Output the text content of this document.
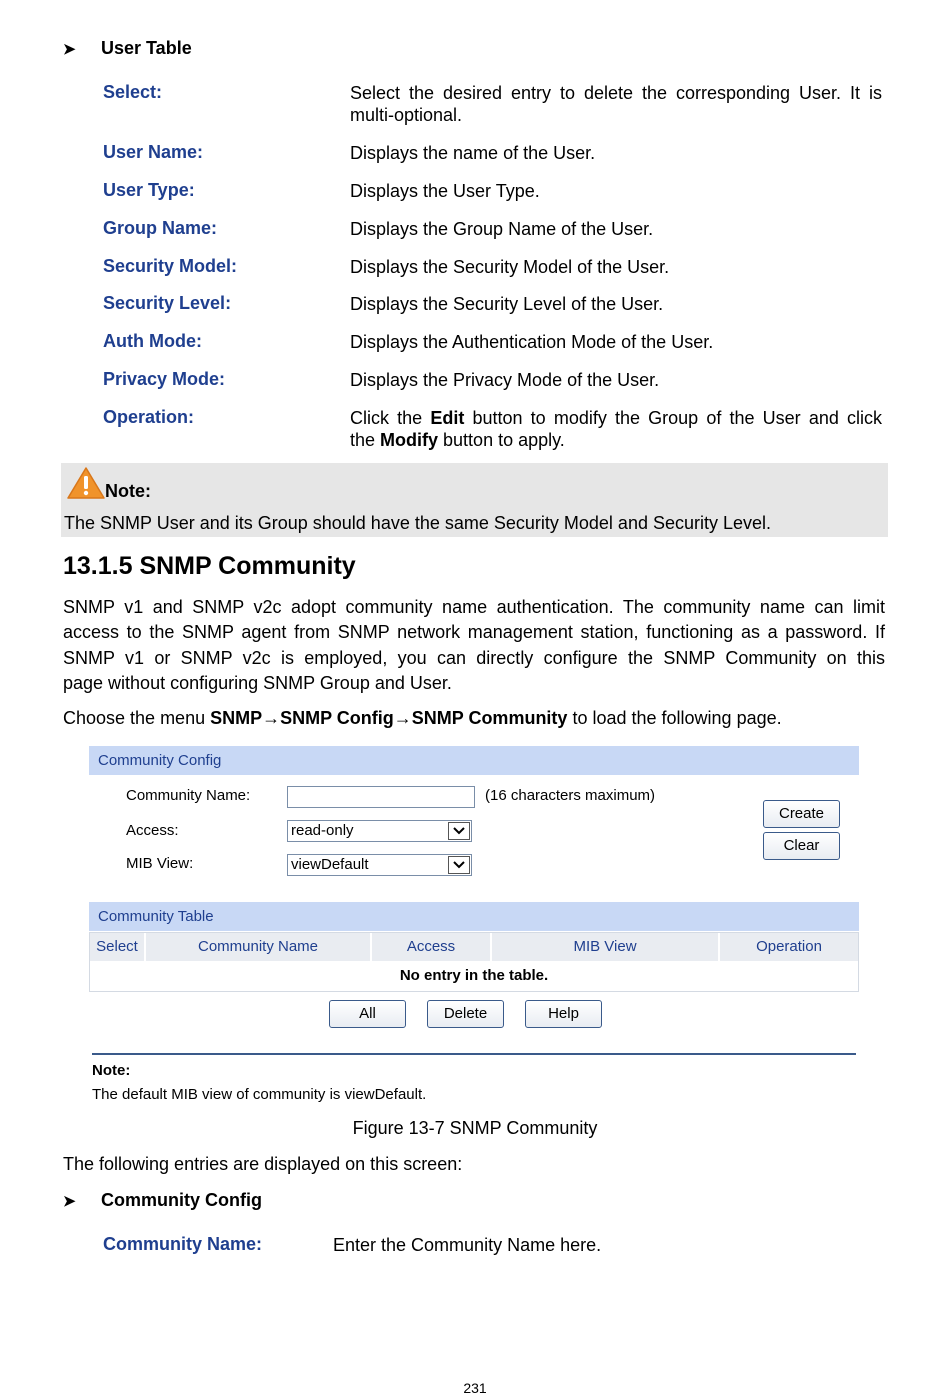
➤ User Table
Select:	Select the desired entry to delete the corresponding User. It is
multi-optional.
User Name:	Displays the name of the User.
User Type:	Displays the User Type.
Group Name:	Displays the Group Name of the User.
Security Model:	Displays the Security Model of the User.
Security Level:	Displays the Security Level of the User.
Auth Mode:	Displays the Authentication Mode of the User.
Privacy Mode:	Displays the Privacy Mode of the User.
Operation:	Click the Edit button to modify the Group of the User and click
the Modify button to apply.
Note:
The SNMP User and its Group should have the same Security Model and Security Level.
13.1.5 SNMP Community
SNMP v1 and SNMP v2c adopt community name authentication. The community name can limit
access to the SNMP agent from SNMP network management station, functioning as a password. If
SNMP v1 or SNMP v2c is employed, you can directly configure the SNMP Community on this
page without configuring SNMP Group and User.
Choose the menu SNMP→SNMP Config→SNMP Community to load the following page.
Community Config
Community Name:	(16 characters maximum)
Access:	read-only
MIB View:	viewDefault
Create
Clear
Community Table
Select	Community Name	Access	MIB View	Operation
No entry in the table.
All	Delete	Help
Note:
The default MIB view of community is viewDefault.
Figure 13-7 SNMP Community
The following entries are displayed on this screen:
➤ Community Config
Community Name:	Enter the Community Name here.
231
